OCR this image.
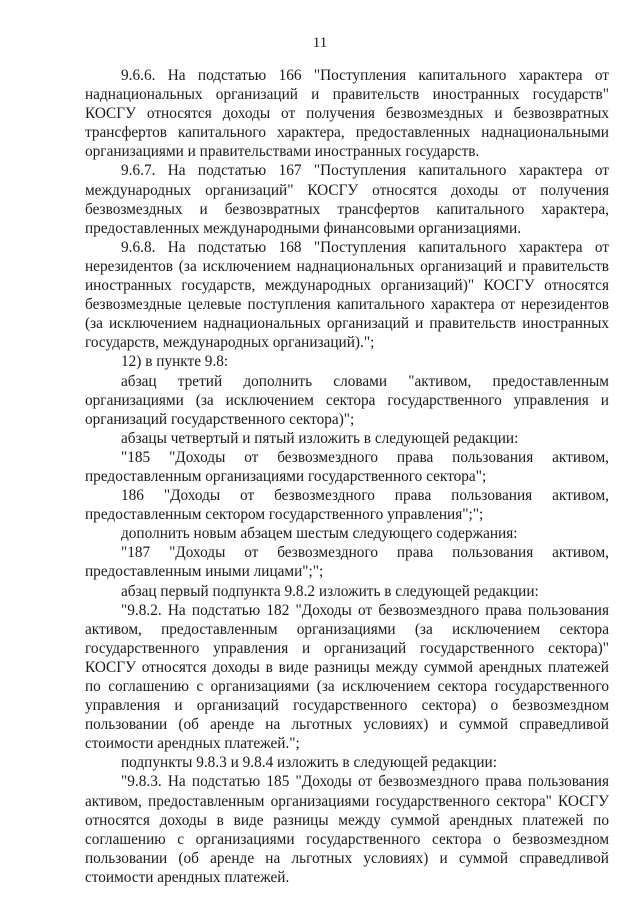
11

9.6.6. На подстатью 166 "Поступления капитального характера от наднациональных организаций и правительств иностранных государств" КОСГУ относятся доходы от получения безвозмездных и безвозвратных трансфертов капитального характера, предоставленных наднациональными организациями и правительствами иностранных государств.

9.6.7. На подстатью 167 "Поступления капитального характера от международных организаций" КОСГУ относятся доходы от получения безвозмездных и безвозвратных трансфертов капитального характера, предоставленных международными финансовыми организациями.

9.6.8. На подстатью 168 "Поступления капитального характера от нерезидентов (за исключением наднациональных организаций и правительств иностранных государств, международных организаций)" КОСГУ относятся безвозмездные целевые поступления капитального характера от нерезидентов (за исключением наднациональных организаций и правительств иностранных государств, международных организаций).";

12) в пункте 9.8:

абзац третий дополнить словами "активом, предоставленным организациями (за исключением сектора государственного управления и организаций государственного сектора)";

абзацы четвертый и пятый изложить в следующей редакции:

"185 "Доходы от безвозмездного права пользования активом, предоставленным организациями государственного сектора";

186 "Доходы от безвозмездного права пользования активом, предоставленным сектором государственного управления";";

дополнить новым абзацем шестым следующего содержания:

"187 "Доходы от безвозмездного права пользования активом, предоставленным иными лицами";";

абзац первый подпункта 9.8.2 изложить в следующей редакции:

"9.8.2. На подстатью 182 "Доходы от безвозмездного права пользования активом, предоставленным организациями (за исключением сектора государственного управления и организаций государственного сектора)" КОСГУ относятся доходы в виде разницы между суммой арендных платежей по соглашению с организациями (за исключением сектора государственного управления и организаций государственного сектора) о безвозмездном пользовании (об аренде на льготных условиях) и суммой справедливой стоимости арендных платежей.";

подпункты 9.8.3 и 9.8.4 изложить в следующей редакции:

"9.8.3. На подстатью 185 "Доходы от безвозмездного права пользования активом, предоставленным организациями государственного сектора" КОСГУ относятся доходы в виде разницы между суммой арендных платежей по соглашению с организациями государственного сектора о безвозмездном пользовании (об аренде на льготных условиях) и суммой справедливой стоимости арендных платежей.
